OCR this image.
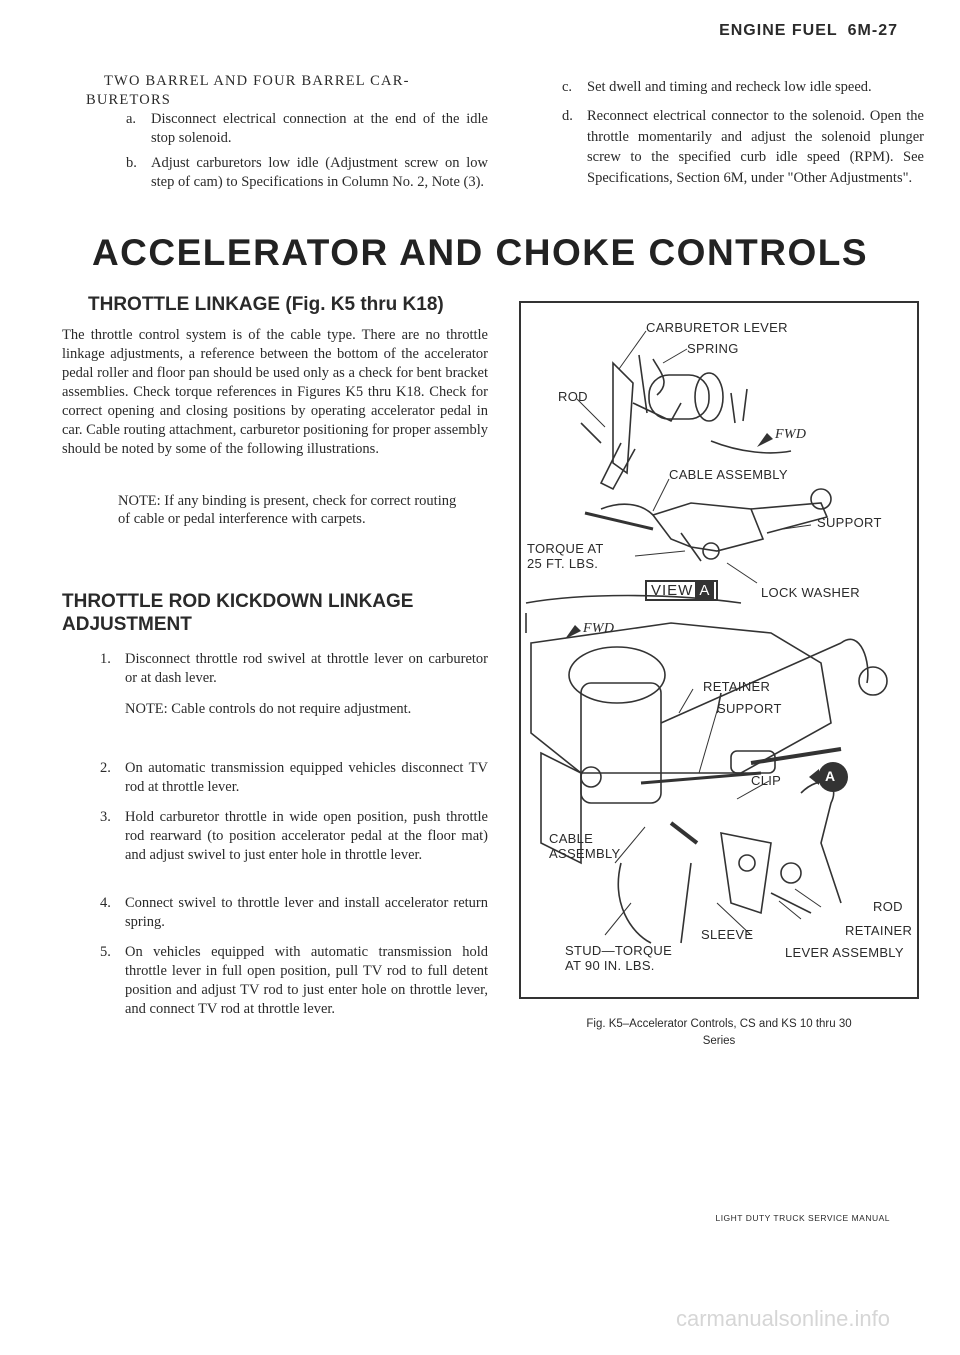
ENGINE FUEL 6M-27
TWO BARREL AND FOUR BARREL CAR-
BURETORS
a.	Disconnect electrical connection at the end of the idle stop solenoid.
b. Adjust carburetors low idle (Adjustment screw on low step of cam) to Specifications in Column No. 2, Note (3).
c.	Set dwell and timing and recheck low idle speed.
d. Reconnect electrical connector to the solenoid. Open the throttle momentarily and adjust the solenoid plunger screw to the specified curb idle speed (RPM). See Specifications, Section 6M, under "Other Adjustments".
ACCELERATOR AND CHOKE CONTROLS
THROTTLE LINKAGE (Fig. K5 thru K18)
The throttle control system is of the cable type. There are no throttle linkage adjustments, a reference between the bottom of the accelerator pedal roller and floor pan should be used only as a check for bent bracket assemblies. Check torque references in Figures K5 thru K18. Check for correct opening and closing positions by operating accelerator pedal in car. Cable routing attachment, carburetor positioning for proper assembly should be noted by some of the following illustrations.
NOTE: If any binding is present, check for correct routing of cable or pedal interference with carpets.
THROTTLE ROD KICKDOWN LINKAGE
ADJUSTMENT
1. Disconnect throttle rod swivel at throttle lever on carburetor or at dash lever.
NOTE: Cable controls do not require adjustment.
2. On automatic transmission equipped vehicles disconnect TV rod at throttle lever.
3. Hold carburetor throttle in wide open position, push throttle rod rearward (to position accelerator pedal at the floor mat) and adjust swivel to just enter hole in throttle lever.
4. Connect swivel to throttle lever and install accelerator return spring.
5. On vehicles equipped with automatic transmission hold throttle lever in full open position, pull TV rod to full detent position and adjust TV rod to just enter hole on throttle lever, and connect TV rod at throttle lever.
CARBURETOR LEVER
SPRING
ROD
FWD
CABLE ASSEMBLY
SUPPORT
TORQUE AT
25 FT. LBS.
VIEW A	LOCK WASHER
FWD
RETAINER
SUPPORT
CLIP
CABLE
ASSEMBLY
A
ROD
RETAINER
SLEEVE
LEVER ASSEMBLY
STUD—TORQUE
AT 90 IN. LBS.
Fig. K5–Accelerator Controls, CS and KS 10 thru 30
Series
LIGHT DUTY TRUCK SERVICE MANUAL
carmanualsonline.info
